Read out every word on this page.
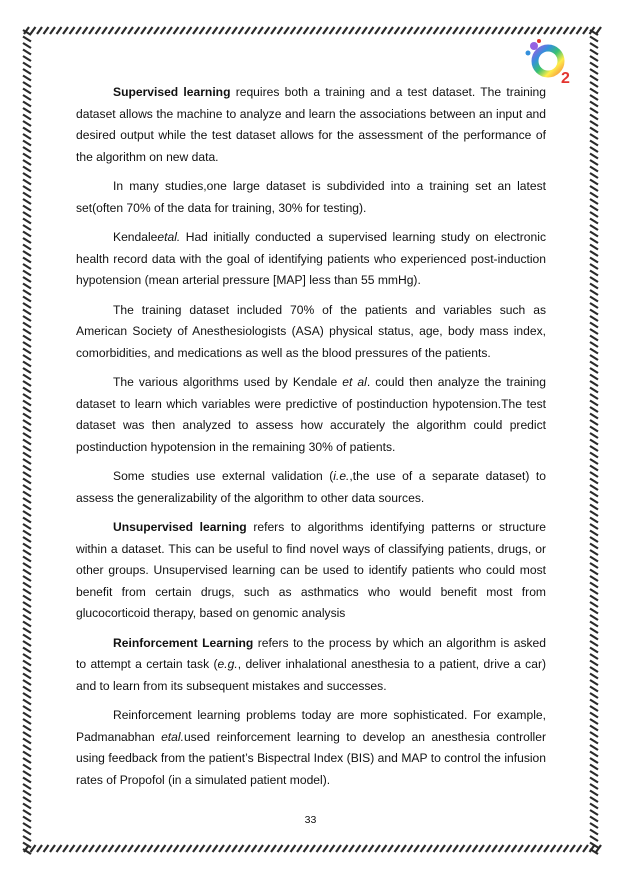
2

Supervised learning requires both a training and a test dataset. The training dataset allows the machine to analyze and learn the associations between an input and desired output while the test dataset allows for the assessment of the performance of the algorithm on new data.

In many studies,one large dataset is subdivided into a training set an latest set(often 70% of the data for training, 30% for testing).

Kendaleetal. Had initially conducted a supervised learning study on electronic health record data with the goal of identifying patients who experienced post-induction hypotension (mean arterial pressure [MAP] less than 55 mmHg).

The training dataset included 70% of the patients and variables such as American Society of Anesthesiologists (ASA) physical status, age, body mass index, comorbidities, and medications as well as the blood pressures of the patients.

The various algorithms used by Kendale et al. could then analyze the training dataset to learn which variables were predictive of postinduction hypotension.The test dataset was then analyzed to assess how accurately the algorithm could predict postinduction hypotension in the remaining 30% of patients.

Some studies use external validation (i.e.,the use of a separate dataset) to assess the generalizability of the algorithm to other data sources.

Unsupervised learning refers to algorithms identifying patterns or structure within a dataset. This can be useful to find novel ways of classifying patients, drugs, or other groups. Unsupervised learning can be used to identify patients who could most benefit from certain drugs, such as asthmatics who would benefit most from glucocorticoid therapy, based on genomic analysis

Reinforcement Learning refers to the process by which an algorithm is asked to attempt a certain task (e.g., deliver inhalational anesthesia to a patient, drive a car) and to learn from its subsequent mistakes and successes.

Reinforcement learning problems today are more sophisticated. For example, Padmanabhan etal.used reinforcement learning to develop an anesthesia controller using feedback from the patient’s Bispectral Index (BIS) and MAP to control the infusion rates of Propofol (in a simulated patient model).

33
